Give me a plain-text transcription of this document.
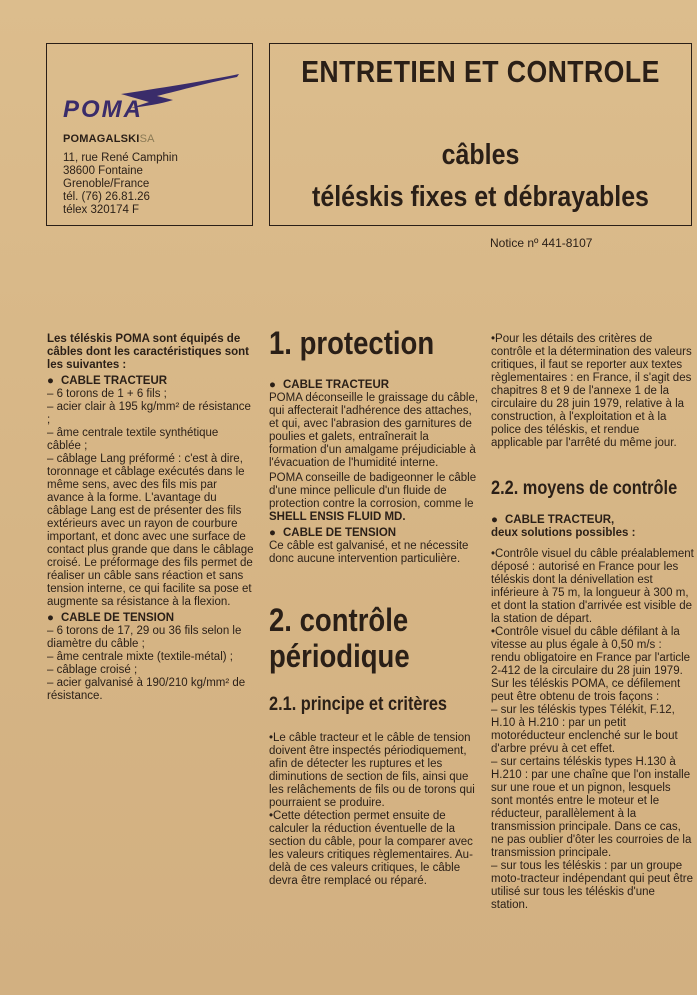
POMA
POMAGALSKISA
11, rue René Camphin
38600 Fontaine
Grenoble/France
tél. (76) 26.81.26
télex 320174 F
ENTRETIEN ET CONTROLE
câbles
téléskis fixes et débrayables
Notice nº 441-8107

Les téléskis POMA sont équipés de câbles dont les caractéristiques sont les suivantes :

● CABLE TRACTEUR

– 6 torons de 1 + 6 fils ;

– acier clair à 195 kg/mm² de résistance ;

– âme centrale textile synthétique câblée ;

– câblage Lang préformé : c'est à dire, toronnage et câblage exécutés dans le même sens, avec des fils mis par avance à la forme. L'avantage du câblage Lang est de présenter des fils extérieurs avec un rayon de courbure important, et donc avec une surface de contact plus grande que dans le câblage croisé. Le préformage des fils permet de réaliser un câble sans réaction et sans tension interne, ce qui facilite sa pose et augmente sa résistance à la flexion.

● CABLE DE TENSION

– 6 torons de 17, 29 ou 36 fils selon le diamètre du câble ;

– âme centrale mixte (textile-métal) ;

– câblage croisé ;

– acier galvanisé à 190/210 kg/mm² de résistance.

1. protection

● CABLE TRACTEUR

POMA déconseille le graissage du câble, qui affecterait l'adhérence des attaches, et qui, avec l'abrasion des garnitures de poulies et galets, entraînerait la formation d'un amalgame préjudiciable à l'évacuation de l'humidité interne.

POMA conseille de badigeonner le câble d'une mince pellicule d'un fluide de protection contre la corrosion, comme le SHELL ENSIS FLUID MD.

● CABLE DE TENSION

Ce câble est galvanisé, et ne nécessite donc aucune intervention particulière.

2. contrôle périodique
2.1. principe et critères

•Le câble tracteur et le câble de tension doivent être inspectés périodiquement, afin de détecter les ruptures et les diminutions de section de fils, ainsi que les relâchements de fils ou de torons qui pourraient se produire.

•Cette détection permet ensuite de calculer la réduction éventuelle de la section du câble, pour la comparer avec les valeurs critiques règlementaires. Au-delà de ces valeurs critiques, le câble devra être remplacé ou réparé.

•Pour les détails des critères de contrôle et la détermination des valeurs critiques, il faut se reporter aux textes règlementaires : en France, il s'agit des chapitres 8 et 9 de l'annexe 1 de la circulaire du 28 juin 1979, relative à la construction, à l'exploitation et à la police des téléskis, et rendue applicable par l'arrêté du même jour.

2.2. moyens de contrôle

● CABLE TRACTEUR,

deux solutions possibles :

•Contrôle visuel du câble préalablement déposé : autorisé en France pour les téléskis dont la dénivellation est inférieure à 75 m, la longueur à 300 m, et dont la station d'arrivée est visible de la station de départ.

•Contrôle visuel du câble défilant à la vitesse au plus égale à 0,50 m/s : rendu obligatoire en France par l'article 2-412 de la circulaire du 28 juin 1979. Sur les téléskis POMA, ce défilement peut être obtenu de trois façons :

– sur les téléskis types Télékit, F.12, H.10 à H.210 : par un petit motoréducteur enclenché sur le bout d'arbre prévu à cet effet.

– sur certains téléskis types H.130 à H.210 : par une chaîne que l'on installe sur une roue et un pignon, lesquels sont montés entre le moteur et le réducteur, parallèlement à la transmission principale. Dans ce cas, ne pas oublier d'ôter les courroies de la transmission principale.

– sur tous les téléskis : par un groupe moto-tracteur indépendant qui peut être utilisé sur tous les téléskis d'une station.
